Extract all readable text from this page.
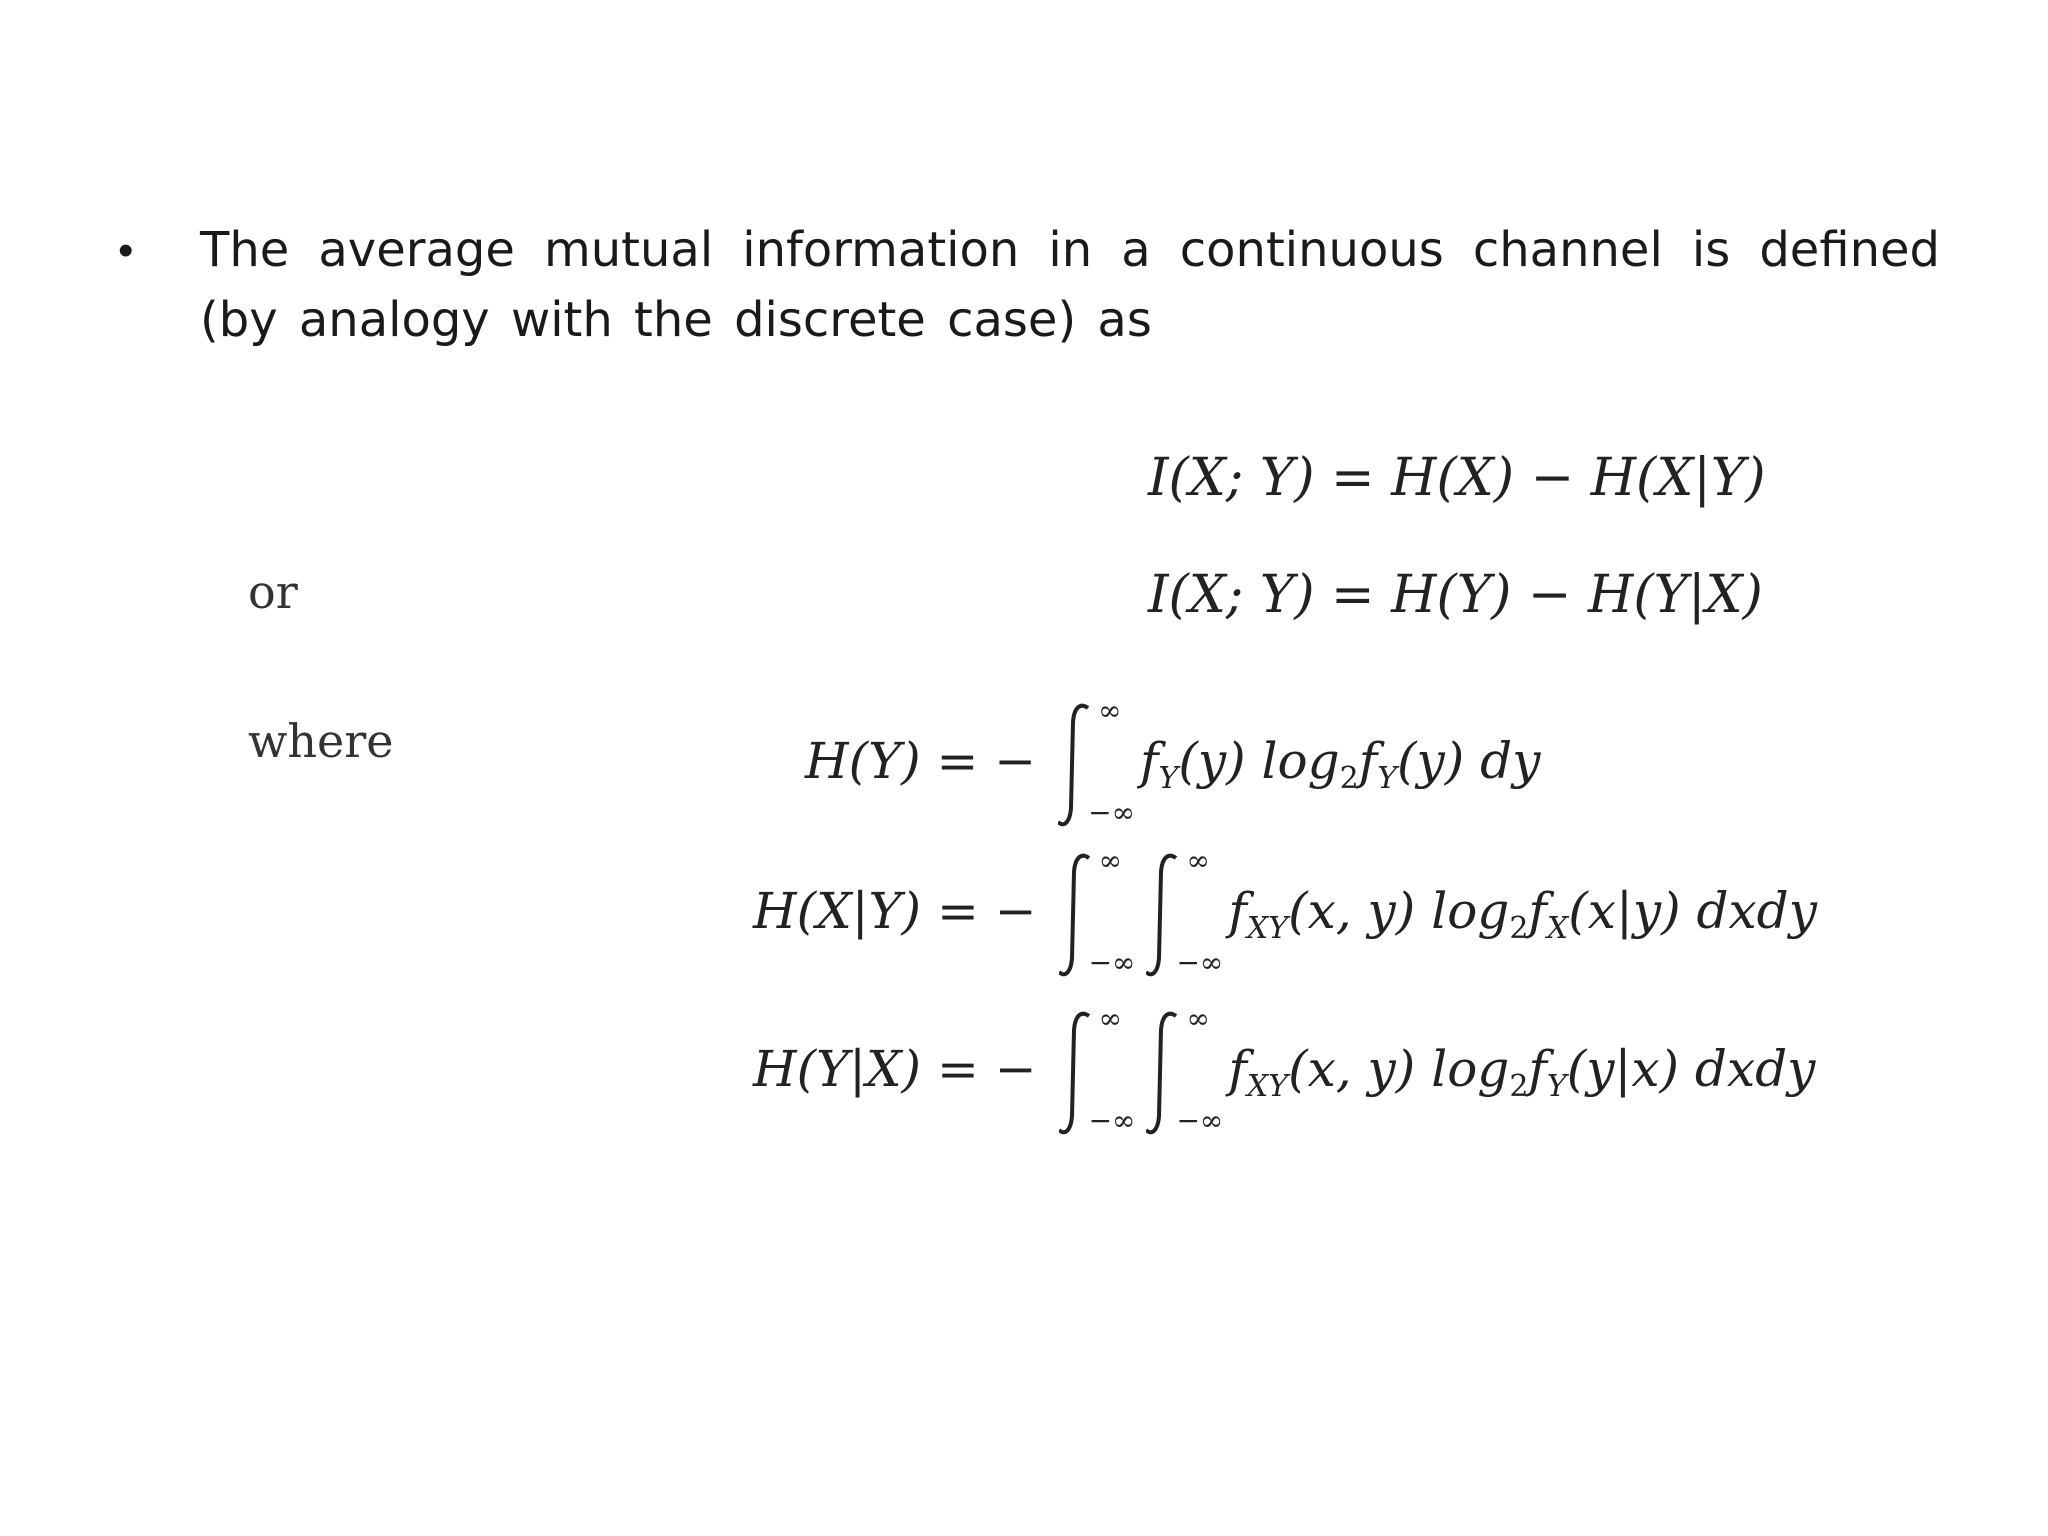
• The average mutual information in a continuous channel is defined (by analogy with the discrete case) as
I(X; Y) = H(X) − H(X|Y)
or	I(X; Y) = H(Y) − H(Y|X)
where	H(Y) = −
∞
−∞
$f_Y(y)$ $\log_2f_Y(y)$ dy
H(X|Y) = −
∞
−∞

∞
−∞
$f_{XY}(x$, y) $\log_2f_X(x|y)$ dxdy
H(Y|X) = −
∞
−∞

∞
−∞
$f_{XY}(x$, y) $\log_2f_Y(y|x)$ dxdy
